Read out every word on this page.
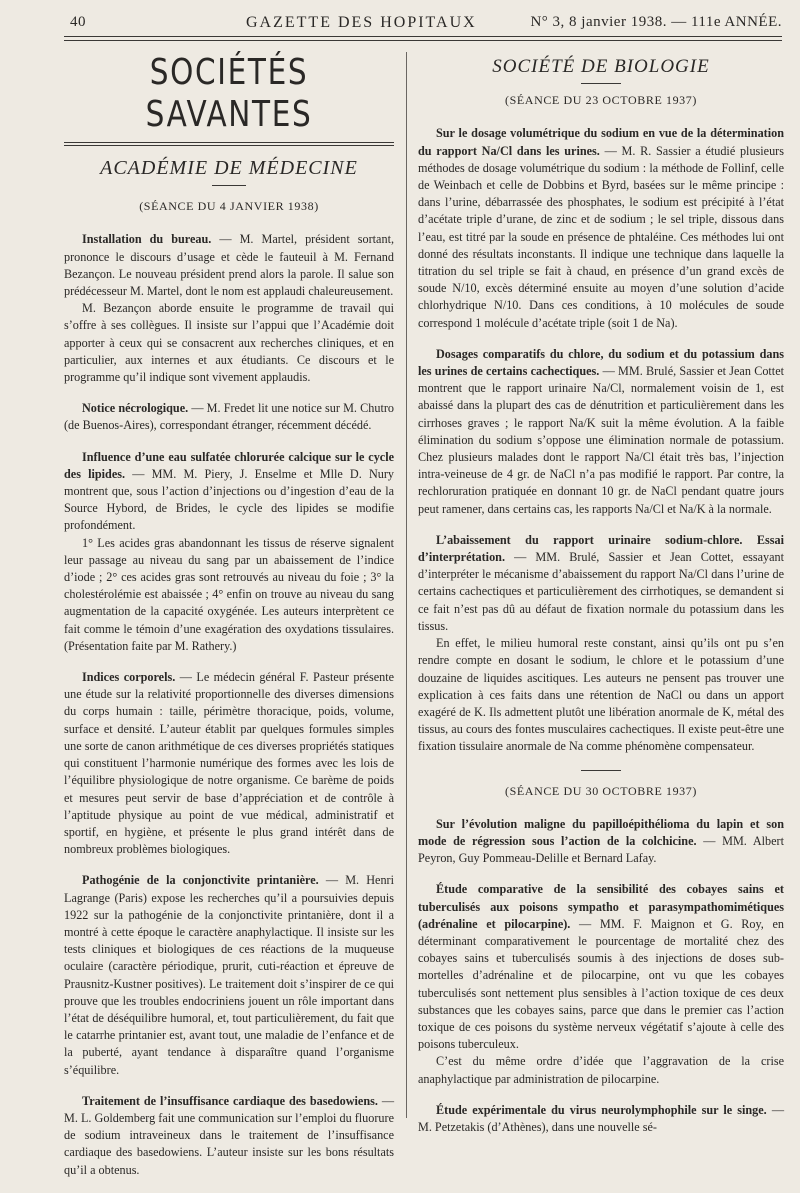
40	GAZETTE DES HOPITAUX	N° 3, 8 janvier 1938. — 111e ANNÉE.
SOCIÉTÉS SAVANTES
ACADÉMIE DE MÉDECINE
(SÉANCE DU 4 JANVIER 1938)

Installation du bureau. — M. Martel, président sortant, prononce le discours d’usage et cède le fauteuil à M. Fernand Bezançon. Le nouveau président prend alors la parole. Il salue son prédécesseur M. Martel, dont le nom est applaudi chaleureusement.

M. Bezançon aborde ensuite le programme de travail qui s’offre à ses collègues. Il insiste sur l’appui que l’Académie doit apporter à ceux qui se consacrent aux recherches cliniques, et en particulier, aux internes et aux étudiants. Ce discours et le programme qu’il indique sont vivement applaudis.

Notice nécrologique. — M. Fredet lit une notice sur M. Chutro (de Buenos-Aires), correspondant étranger, récemment décédé.

Influence d’une eau sulfatée chlorurée calcique sur le cycle des lipides. — MM. M. Piery, J. Enselme et Mlle D. Nury montrent que, sous l’action d’injections ou d’ingestion d’eau de la Source Hybord, de Brides, le cycle des lipides se modifie profondément.

1° Les acides gras abandonnant les tissus de réserve signalent leur passage au niveau du sang par un abaissement de l’indice d’iode ; 2° ces acides gras sont retrouvés au niveau du foie ; 3° la cholestérolémie est abaissée ; 4° enfin on trouve au niveau du sang augmentation de la capacité oxygénée. Les auteurs interprètent ce fait comme le témoin d’une exagération des oxydations tissulaires. (Présentation faite par M. Rathery.)

Indices corporels. — Le médecin général F. Pasteur présente une étude sur la relativité proportionnelle des diverses dimensions du corps humain : taille, périmètre thoracique, poids, volume, surface et densité. L’auteur établit par quelques formules simples une sorte de canon arithmétique de ces diverses propriétés statiques qui constituent l’harmonie numérique des formes avec les lois de l’équilibre physiologique de notre organisme. Ce barème de poids et mesures peut servir de base d’appréciation et de contrôle à l’aptitude physique au point de vue médical, administratif et sportif, en hygiène, et présente le plus grand intérêt dans de nombreux problèmes biologiques.

Pathogénie de la conjonctivite printanière. — M. Henri Lagrange (Paris) expose les recherches qu’il a poursuivies depuis 1922 sur la pathogénie de la conjonctivite printanière, dont il a montré à cette époque le caractère anaphylactique. Il insiste sur les tests cliniques et biologiques de ces réactions de la muqueuse oculaire (caractère périodique, prurit, cuti-réaction et épreuve de Prausnitz-Kustner positives). Le traitement doit s’inspirer de ce qui prouve que les troubles endocriniens jouent un rôle important dans l’état de déséquilibre humoral, et, tout particulièrement, du fait que le catarrhe printanier est, avant tout, une maladie de l’enfance et de la puberté, ayant tendance à disparaître quand l’organisme s’équilibre.

Traitement de l’insuffisance cardiaque des basedowiens. — M. L. Goldemberg fait une communication sur l’emploi du fluorure de sodium intraveineux dans le traitement de l’insuffisance cardiaque des basedowiens. L’auteur insiste sur les bons résultats qu’il a obtenus.

SOCIÉTÉ DE BIOLOGIE
(SÉANCE DU 23 OCTOBRE 1937)

Sur le dosage volumétrique du sodium en vue de la détermination du rapport Na/Cl dans les urines. — M. R. Sassier a étudié plusieurs méthodes de dosage volumétrique du sodium : la méthode de Follinf, celle de Weinbach et celle de Dobbins et Byrd, basées sur le même principe : dans l’urine, débarrassée des phosphates, le sodium est précipité à l’état d’acétate triple d’urane, de zinc et de sodium ; le sel triple, dissous dans l’eau, est titré par la soude en présence de phtaléine. Ces méthodes lui ont donné des résultats inconstants. Il indique une technique dans laquelle la titration du sel triple se fait à chaud, en présence d’un grand excès de soude N/10, excès déterminé ensuite au moyen d’une solution d’acide chlorhydrique N/10. Dans ces conditions, à 10 molécules de soude correspond 1 molécule d’acétate triple (soit 1 de Na).

Dosages comparatifs du chlore, du sodium et du potassium dans les urines de certains cachectiques. — MM. Brulé, Sassier et Jean Cottet montrent que le rapport urinaire Na/Cl, normalement voisin de 1, est abaissé dans la plupart des cas de dénutrition et particulièrement dans les cirrhoses graves ; le rapport Na/K suit la même évolution. A la faible élimination du sodium s’oppose une élimination normale de potassium. Chez plusieurs malades dont le rapport Na/Cl était très bas, l’injection intra-veineuse de 4 gr. de NaCl n’a pas modifié le rapport. Par contre, la rechloruration pratiquée en donnant 10 gr. de NaCl pendant quatre jours peut ramener, dans certains cas, les rapports Na/Cl et Na/K à la normale.

L’abaissement du rapport urinaire sodium-chlore. Essai d’interprétation. — MM. Brulé, Sassier et Jean Cottet, essayant d’interpréter le mécanisme d’abaissement du rapport Na/Cl dans l’urine de certains cachectiques et particulièrement des cirrhotiques, se demandent si ce fait n’est pas dû au défaut de fixation normale du potassium dans les tissus.

En effet, le milieu humoral reste constant, ainsi qu’ils ont pu s’en rendre compte en dosant le sodium, le chlore et le potassium d’une douzaine de liquides ascitiques. Les auteurs ne pensent pas trouver une explication à ces faits dans une rétention de NaCl ou dans un apport exagéré de K. Ils admettent plutôt une libération anormale de K, métal des tissus, au cours des fontes musculaires cachectiques. Il existe peut-être une fixation tissulaire anormale de Na comme phénomène compensateur.

(SÉANCE DU 30 OCTOBRE 1937)

Sur l’évolution maligne du papilloépithélioma du lapin et son mode de régression sous l’action de la colchicine. — MM. Albert Peyron, Guy Pommeau-Delille et Bernard Lafay.

Étude comparative de la sensibilité des cobayes sains et tuberculisés aux poisons sympatho et parasympathomimétiques (adrénaline et pilocarpine). — MM. F. Maignon et G. Roy, en déterminant comparativement le pourcentage de mortalité chez des cobayes sains et tuberculisés soumis à des injections de doses sub-mortelles d’adrénaline et de pilocarpine, ont vu que les cobayes tuberculisés sont nettement plus sensibles à l’action toxique de ces deux substances que les cobayes sains, parce que dans le premier cas l’action toxique de ces poisons du système nerveux végétatif s’ajoute à celle des poisons tuberculeux.

C’est du même ordre d’idée que l’aggravation de la crise anaphylactique par administration de pilocarpine.

Étude expérimentale du virus neurolymphophile sur le singe. — M. Petzetakis (d’Athènes), dans une nouvelle sé-
